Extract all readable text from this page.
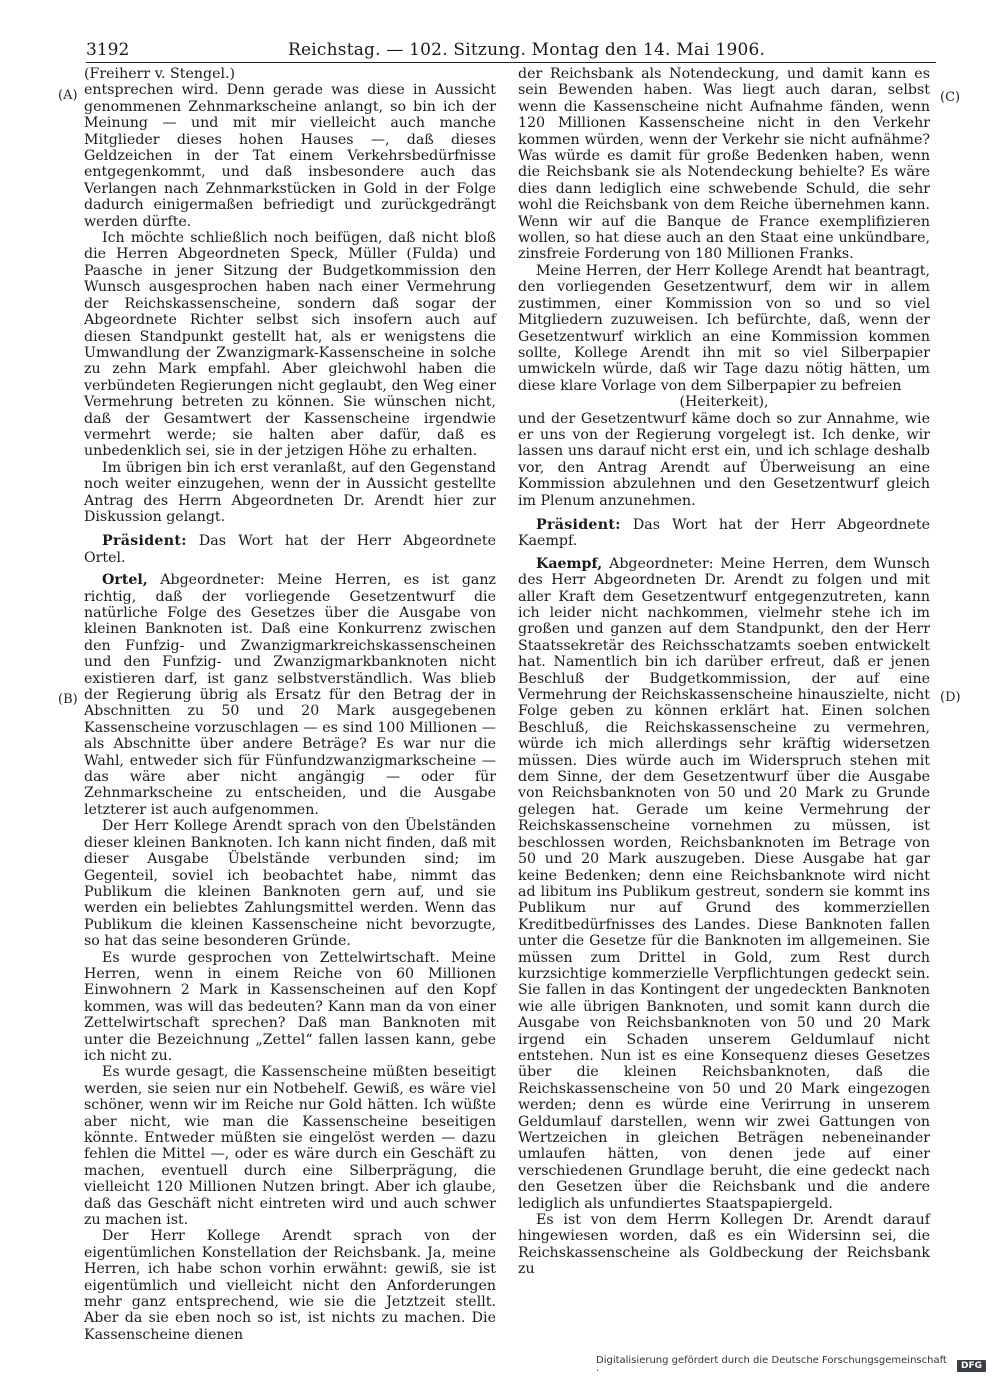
3192	Reichstag. — 102. Sitzung. Montag den 14. Mai 1906.
(A)
(B)
(C)
(D)

(Freiherr v. Stengel.)

entsprechen wird. Denn gerade was diese in Aussicht genommenen Zehnmarkscheine anlangt, so bin ich der Meinung — und mit mir vielleicht auch manche Mitglieder dieses hohen Hauses —, daß dieses Geldzeichen in der Tat einem Verkehrsbedürfnisse entgegenkommt, und daß insbesondere auch das Verlangen nach Zehnmarkstücken in Gold in der Folge dadurch einigermaßen befriedigt und zurückgedrängt werden dürfte.

Ich möchte schließlich noch beifügen, daß nicht bloß die Herren Abgeordneten Speck, Müller (Fulda) und Paasche in jener Sitzung der Budgetkommission den Wunsch ausgesprochen haben nach einer Vermehrung der Reichskassenscheine, sondern daß sogar der Abgeordnete Richter selbst sich insofern auch auf diesen Standpunkt gestellt hat, als er wenigstens die Umwandlung der Zwanzigmark-Kassenscheine in solche zu zehn Mark empfahl. Aber gleichwohl haben die verbündeten Regierungen nicht geglaubt, den Weg einer Vermehrung betreten zu können. Sie wünschen nicht, daß der Gesamtwert der Kassenscheine irgendwie vermehrt werde; sie halten aber dafür, daß es unbedenklich sei, sie in der jetzigen Höhe zu erhalten.

Im übrigen bin ich erst veranlaßt, auf den Gegenstand noch weiter einzugehen, wenn der in Aussicht gestellte Antrag des Herrn Abgeordneten Dr. Arendt hier zur Diskussion gelangt.

Präsident: Das Wort hat der Herr Abgeordnete Ortel.

Ortel, Abgeordneter: Meine Herren, es ist ganz richtig, daß der vorliegende Gesetzentwurf die natürliche Folge des Gesetzes über die Ausgabe von kleinen Banknoten ist. Daß eine Konkurrenz zwischen den Funfzig- und Zwanzigmarkreichskassenscheinen und den Funfzig- und Zwanzigmarkbanknoten nicht existieren darf, ist ganz selbstverständlich. Was blieb der Regierung übrig als Ersatz für den Betrag der in Abschnitten zu 50 und 20 Mark ausgegebenen Kassenscheine vorzuschlagen — es sind 100 Millionen — als Abschnitte über andere Beträge? Es war nur die Wahl, entweder sich für Fünfundzwanzigmarkscheine — das wäre aber nicht angängig — oder für Zehnmarkscheine zu entscheiden, und die Ausgabe letzterer ist auch aufgenommen.

Der Herr Kollege Arendt sprach von den Übelständen dieser kleinen Banknoten. Ich kann nicht finden, daß mit dieser Ausgabe Übelstände verbunden sind; im Gegenteil, soviel ich beobachtet habe, nimmt das Publikum die kleinen Banknoten gern auf, und sie werden ein beliebtes Zahlungsmittel werden. Wenn das Publikum die kleinen Kassenscheine nicht bevorzugte, so hat das seine besonderen Gründe.

Es wurde gesprochen von Zettelwirtschaft. Meine Herren, wenn in einem Reiche von 60 Millionen Einwohnern 2 Mark in Kassenscheinen auf den Kopf kommen, was will das bedeuten? Kann man da von einer Zettelwirtschaft sprechen? Daß man Banknoten mit unter die Bezeichnung „Zettel“ fallen lassen kann, gebe ich nicht zu.

Es wurde gesagt, die Kassenscheine müßten beseitigt werden, sie seien nur ein Notbehelf. Gewiß, es wäre viel schöner, wenn wir im Reiche nur Gold hätten. Ich wüßte aber nicht, wie man die Kassenscheine beseitigen könnte. Entweder müßten sie eingelöst werden — dazu fehlen die Mittel —, oder es wäre durch ein Geschäft zu machen, eventuell durch eine Silberprägung, die vielleicht 120 Millionen Nutzen bringt. Aber ich glaube, daß das Geschäft nicht eintreten wird und auch schwer zu machen ist.

Der Herr Kollege Arendt sprach von der eigentümlichen Konstellation der Reichsbank. Ja, meine Herren, ich habe schon vorhin erwähnt: gewiß, sie ist eigentümlich und vielleicht nicht den Anforderungen mehr ganz entsprechend, wie sie die Jetztzeit stellt. Aber da sie eben noch so ist, ist nichts zu machen. Die Kassenscheine dienen

der Reichsbank als Notendeckung, und damit kann es sein Bewenden haben. Was liegt auch daran, selbst wenn die Kassenscheine nicht Aufnahme fänden, wenn 120 Millionen Kassenscheine nicht in den Verkehr kommen würden, wenn der Verkehr sie nicht aufnähme? Was würde es damit für große Bedenken haben, wenn die Reichsbank sie als Notendeckung behielte? Es wäre dies dann lediglich eine schwebende Schuld, die sehr wohl die Reichsbank von dem Reiche übernehmen kann. Wenn wir auf die Banque de France exemplifizieren wollen, so hat diese auch an den Staat eine unkündbare, zinsfreie Forderung von 180 Millionen Franks.

Meine Herren, der Herr Kollege Arendt hat beantragt, den vorliegenden Gesetzentwurf, dem wir in allem zustimmen, einer Kommission von so und so viel Mitgliedern zuzuweisen. Ich befürchte, daß, wenn der Gesetzentwurf wirklich an eine Kommission kommen sollte, Kollege Arendt ihn mit so viel Silberpapier umwickeln würde, daß wir Tage dazu nötig hätten, um diese klare Vorlage von dem Silberpapier zu befreien

(Heiterkeit),

und der Gesetzentwurf käme doch so zur Annahme, wie er uns von der Regierung vorgelegt ist. Ich denke, wir lassen uns darauf nicht erst ein, und ich schlage deshalb vor, den Antrag Arendt auf Überweisung an eine Kommission abzulehnen und den Gesetzentwurf gleich im Plenum anzunehmen.

Präsident: Das Wort hat der Herr Abgeordnete Kaempf.

Kaempf, Abgeordneter: Meine Herren, dem Wunsch des Herr Abgeordneten Dr. Arendt zu folgen und mit aller Kraft dem Gesetzentwurf entgegenzutreten, kann ich leider nicht nachkommen, vielmehr stehe ich im großen und ganzen auf dem Standpunkt, den der Herr Staatssekretär des Reichsschatzamts soeben entwickelt hat. Namentlich bin ich darüber erfreut, daß er jenen Beschluß der Budgetkommission, der auf eine Vermehrung der Reichskassenscheine hinauszielte, nicht Folge geben zu können erklärt hat. Einen solchen Beschluß, die Reichskassenscheine zu vermehren, würde ich mich allerdings sehr kräftig widersetzen müssen. Dies würde auch im Widerspruch stehen mit dem Sinne, der dem Gesetzentwurf über die Ausgabe von Reichsbanknoten von 50 und 20 Mark zu Grunde gelegen hat. Gerade um keine Vermehrung der Reichskassenscheine vornehmen zu müssen, ist beschlossen worden, Reichsbanknoten im Betrage von 50 und 20 Mark auszugeben. Diese Ausgabe hat gar keine Bedenken; denn eine Reichsbanknote wird nicht ad libitum ins Publikum gestreut, sondern sie kommt ins Publikum nur auf Grund des kommerziellen Kreditbedürfnisses des Landes. Diese Banknoten fallen unter die Gesetze für die Banknoten im allgemeinen. Sie müssen zum Drittel in Gold, zum Rest durch kurzsichtige kommerzielle Verpflichtungen gedeckt sein. Sie fallen in das Kontingent der ungedeckten Banknoten wie alle übrigen Banknoten, und somit kann durch die Ausgabe von Reichsbanknoten von 50 und 20 Mark irgend ein Schaden unserem Geldumlauf nicht entstehen. Nun ist es eine Konsequenz dieses Gesetzes über die kleinen Reichsbanknoten, daß die Reichskassenscheine von 50 und 20 Mark eingezogen werden; denn es würde eine Verirrung in unserem Geldumlauf darstellen, wenn wir zwei Gattungen von Wertzeichen in gleichen Beträgen nebeneinander umlaufen hätten, von denen jede auf einer verschiedenen Grundlage beruht, die eine gedeckt nach den Gesetzen über die Reichsbank und die andere lediglich als unfundiertes Staatspapiergeld.

Es ist von dem Herrn Kollegen Dr. Arendt darauf hingewiesen worden, daß es ein Widersinn sei, die Reichskassenscheine als Goldbeckung der Reichsbank zu

Digitalisierung gefördert durch die Deutsche Forschungsgemeinschaft ·	DFG
